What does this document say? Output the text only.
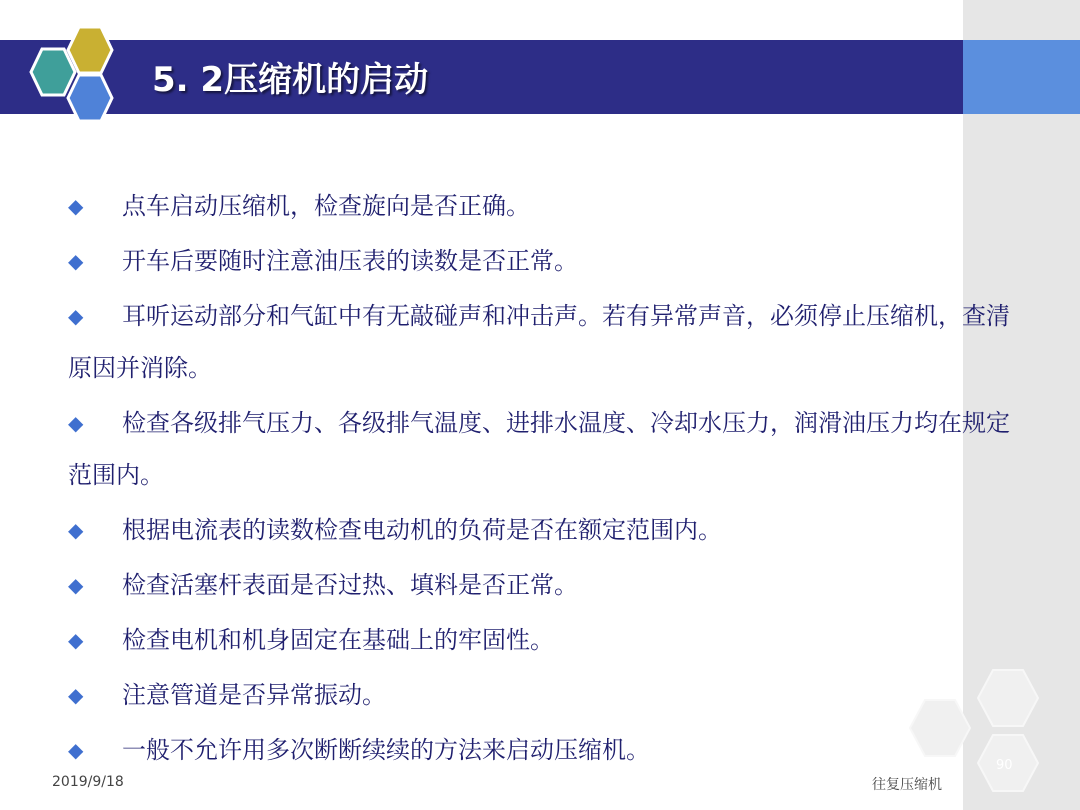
5. 2压缩机的启动
◆ 点车启动压缩机，检查旋向是否正确。
◆ 开车后要随时注意油压表的读数是否正常。
◆ 耳听运动部分和气缸中有无敲碰声和冲击声。若有异常声音，必须停止压缩机，查清原因并消除。
◆ 检查各级排气压力、各级排气温度、进排水温度、冷却水压力，润滑油压力均在规定范围内。
◆ 根据电流表的读数检查电动机的负荷是否在额定范围内。
◆ 检查活塞杆表面是否过热、填料是否正常。
◆ 检查电机和机身固定在基础上的牢固性。
◆ 注意管道是否异常振动。
◆ 一般不允许用多次断断续续的方法来启动压缩机。
2019/9/18	往复压缩机
90
